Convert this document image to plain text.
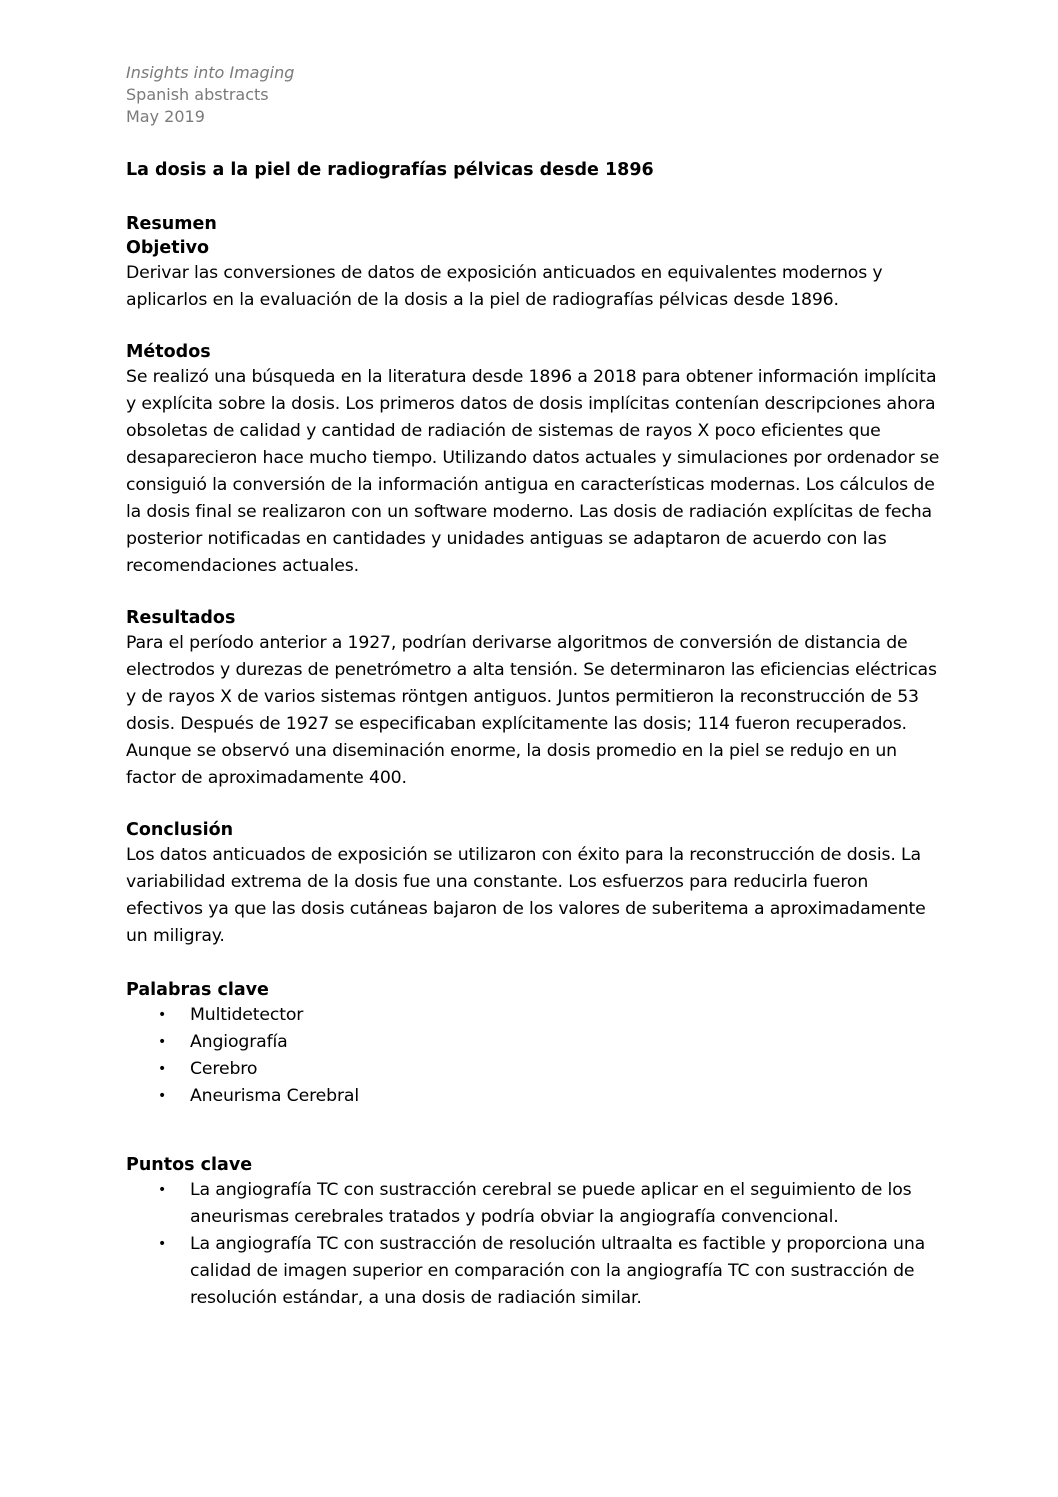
Insights into Imaging

Spanish abstracts

May 2019

La dosis a la piel de radiografías pélvicas desde 1896
Resumen
Objetivo

Derivar las conversiones de datos de exposición anticuados en equivalentes modernos y aplicarlos en la evaluación de la dosis a la piel de radiografías pélvicas desde 1896.

Métodos

Se realizó una búsqueda en la literatura desde 1896 a 2018 para obtener información implícita y explícita sobre la dosis. Los primeros datos de dosis implícitas contenían descripciones ahora obsoletas de calidad y cantidad de radiación de sistemas de rayos X poco eficientes que desaparecieron hace mucho tiempo. Utilizando datos actuales y simulaciones por ordenador se consiguió la conversión de la información antigua en características modernas. Los cálculos de la dosis final se realizaron con un software moderno. Las dosis de radiación explícitas de fecha posterior notificadas en cantidades y unidades antiguas se adaptaron de acuerdo con las recomendaciones actuales.

Resultados

Para el período anterior a 1927, podrían derivarse algoritmos de conversión de distancia de electrodos y durezas de penetrómetro a alta tensión. Se determinaron las eficiencias eléctricas y de rayos X de varios sistemas röntgen antiguos. Juntos permitieron la reconstrucción de 53 dosis. Después de 1927 se especificaban explícitamente las dosis; 114 fueron recuperados. Aunque se observó una diseminación enorme, la dosis promedio en la piel se redujo en un factor de aproximadamente 400.

Conclusión

Los datos anticuados de exposición se utilizaron con éxito para la reconstrucción de dosis. La variabilidad extrema de la dosis fue una constante. Los esfuerzos para reducirla fueron efectivos ya que las dosis cutáneas bajaron de los valores de suberitema a aproximadamente un miligray.

Palabras clave
• Multidetector
• Angiografía
• Cerebro
• Aneurisma Cerebral
Puntos clave
• La angiografía TC con sustracción cerebral se puede aplicar en el seguimiento de los aneurismas cerebrales tratados y podría obviar la angiografía convencional.
• La angiografía TC con sustracción de resolución ultraalta es factible y proporciona una calidad de imagen superior en comparación con la angiografía TC con sustracción de resolución estándar, a una dosis de radiación similar.
